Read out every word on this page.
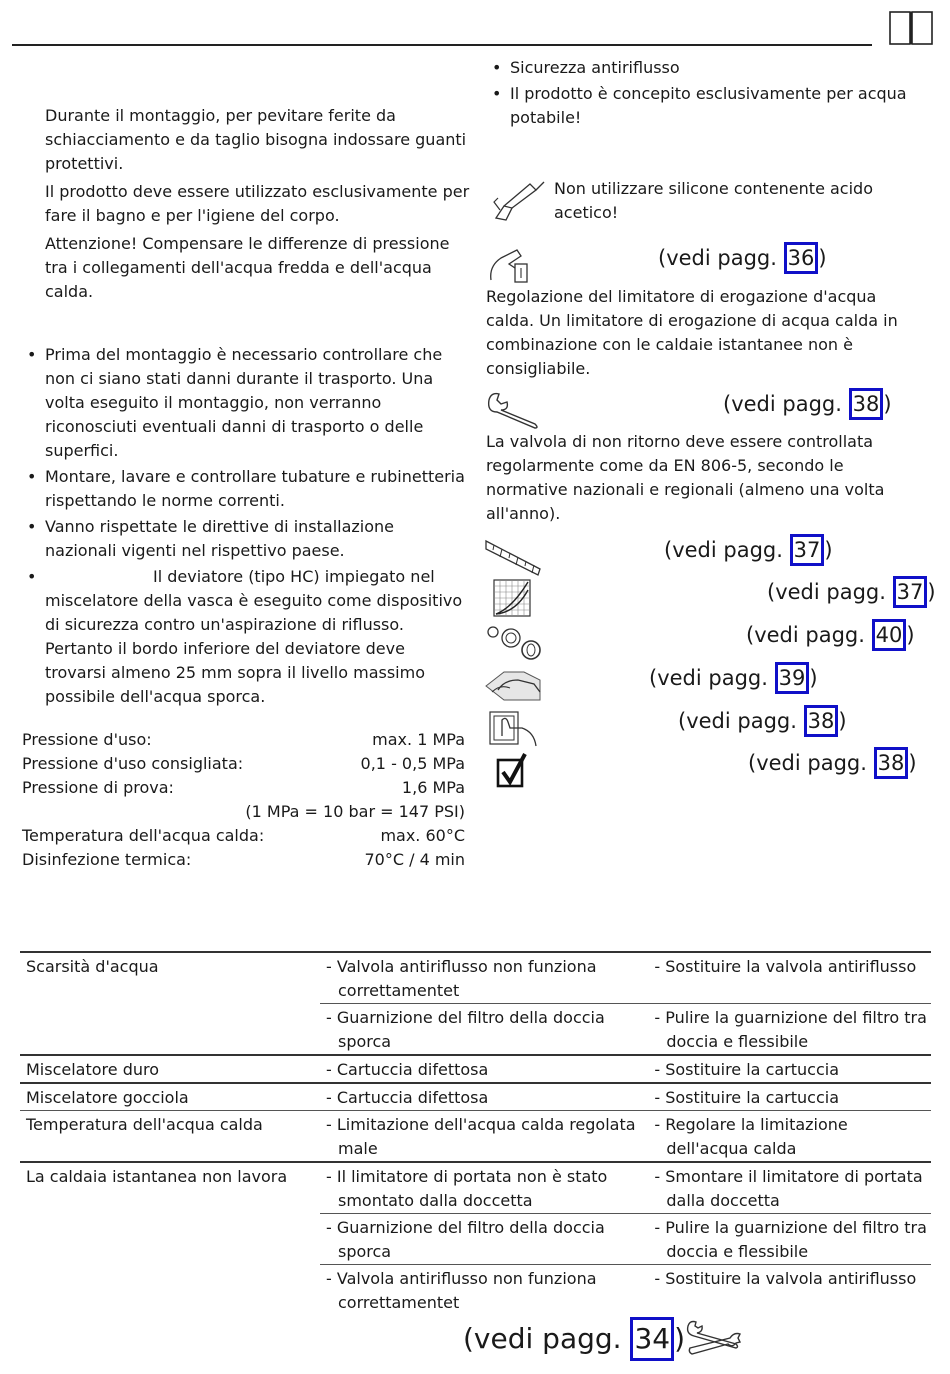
Durante il montaggio, per pevitare ferite da schiacciamento e da taglio bisogna indossare guanti protettivi.

Il prodotto deve essere utilizzato esclusivamente per fare il bagno e per l'igiene del corpo.

Attenzione! Compensare le differenze di pressione tra i collegamenti dell'acqua fredda e dell'acqua calda.

• Prima del montaggio è necessario controllare che non ci siano stati danni durante il trasporto. Una volta eseguito il montaggio, non verranno riconosciuti eventuali danni di trasporto o delle superfici.
• Montare, lavare e controllare tubature e rubinetteria rispettando le norme correnti.
• Vanno rispettate le direttive di installazione nazionali vigenti nel rispettivo paese.
• Il deviatore (tipo HC) impiegato nel miscelatore della vasca è eseguito come dispositivo di sicurezza contro un'aspirazione di riflusso. Pertanto il bordo inferiore del deviatore deve trovarsi almeno 25 mm sopra il livello massimo possibile dell'acqua sporca.
Pressione d'uso:	max. 1 MPa
Pressione d'uso consigliata:	0,1 - 0,5 MPa
Pressione di prova:	1,6 MPa
(1 MPa = 10 bar = 147 PSI)
Temperatura dell'acqua calda:	max. 60°C
Disinfezione termica:	70°C / 4 min
• Sicurezza antiriflusso
• Il prodotto è concepito esclusivamente per acqua potabile!
Non utilizzare silicone contenente acido acetico!
(vedi pagg. 36 )
Regolazione del limitatore di erogazione d'acqua calda. Un limitatore di erogazione di acqua calda in combinazione con le caldaie istantanee non è consigliabile.
(vedi pagg. 38 )
La valvola di non ritorno deve essere controllata regolarmente come da EN 806-5, secondo le normative nazionali e regionali (almeno una volta all'anno).
(vedi pagg. 37 )
(vedi pagg. 37 )
(vedi pagg. 40 )
(vedi pagg. 39 )
(vedi pagg. 38 )
(vedi pagg. 38 )
Scarsità d'acqua	- Valvola antiriflusso non funziona correttamentet	- Sostituire la valvola antiriflusso
	- Guarnizione del filtro della doccia sporca	- Pulire la guarnizione del filtro tra doccia e flessibile
Miscelatore duro	- Cartuccia difettosa	- Sostituire la cartuccia
Miscelatore gocciola	- Cartuccia difettosa	- Sostituire la cartuccia
Temperatura dell'acqua calda	- Limitazione dell'acqua calda regolata male	- Regolare la limitazione dell'acqua calda
La caldaia istantanea non lavora	- Il limitatore di portata non è stato smontato dalla doccetta	- Smontare il limitatore di portata dalla doccetta
	- Guarnizione del filtro della doccia sporca	- Pulire la guarnizione del filtro tra doccia e flessibile
	- Valvola antiriflusso non funziona correttamentet	- Sostituire la valvola antiriflusso
(vedi pagg. 34 )
